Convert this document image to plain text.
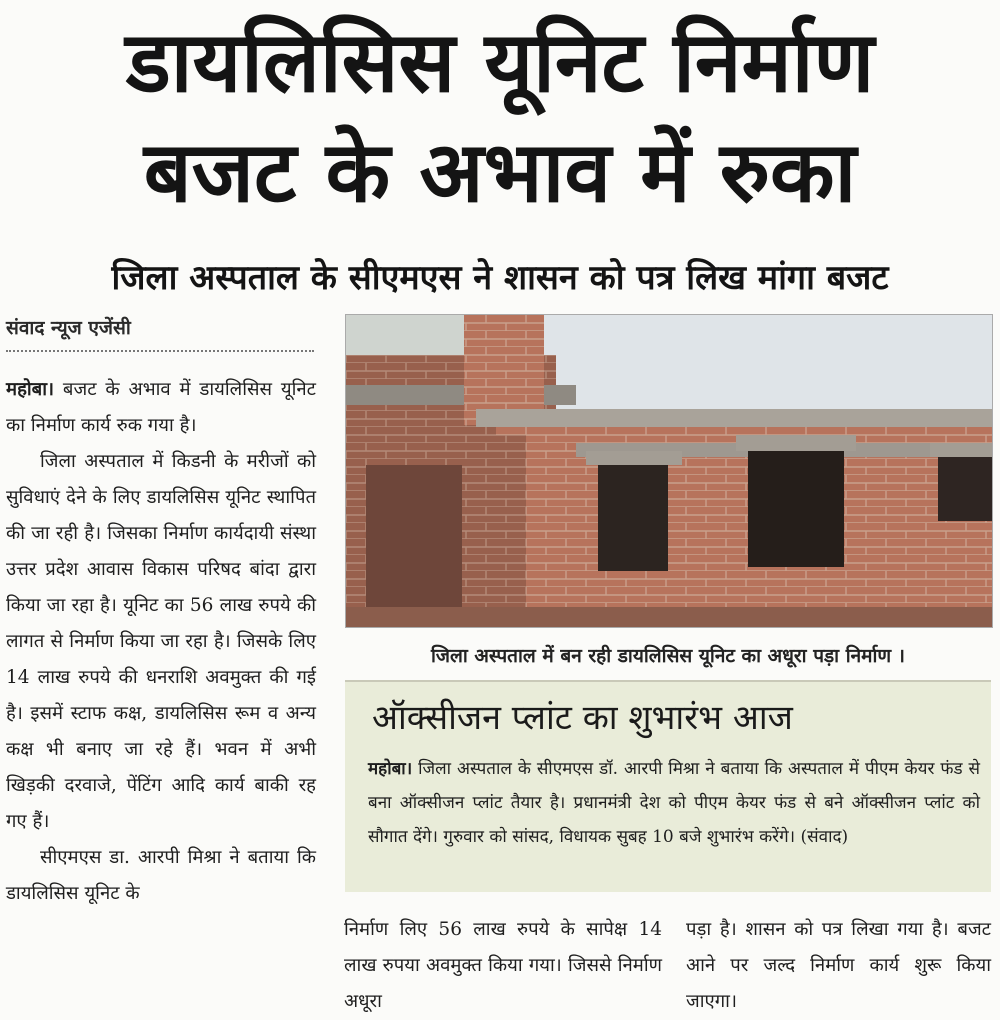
डायलिसिस यूनिट निर्माण
बजट के अभाव में रुका
जिला अस्पताल के सीएमएस ने शासन को पत्र लिख मांगा बजट
संवाद न्यूज एजेंसी

महोबा। बजट के अभाव में डायलिसिस यूनिट का निर्माण कार्य रुक गया है।

जिला अस्पताल में किडनी के मरीजों को सुविधाएं देने के लिए डायलिसिस यूनिट स्थापित की जा रही है। जिसका निर्माण कार्यदायी संस्था उत्तर प्रदेश आवास विकास परिषद बांदा द्वारा किया जा रहा है। यूनिट का 56 लाख रुपये की लागत से निर्माण किया जा रहा है। जिसके लिए 14 लाख रुपये की धनराशि अवमुक्त की गई है। इसमें स्टाफ कक्ष, डायलिसिस रूम व अन्य कक्ष भी बनाए जा रहे हैं। भवन में अभी खिड़की दरवाजे, पेंटिंग आदि कार्य बाकी रह गए हैं।

सीएमएस डा. आरपी मिश्रा ने बताया कि डायलिसिस यूनिट के

जिला अस्पताल में बन रही डायलिसिस यूनिट का अधूरा पड़ा निर्माण ।
ऑक्सीजन प्लांट का शुभारंभ आज

महोबा। जिला अस्पताल के सीएमएस डॉ. आरपी मिश्रा ने बताया कि अस्पताल में पीएम केयर फंड से बना ऑक्सीजन प्लांट तैयार है। प्रधानमंत्री देश को पीएम केयर फंड से बने ऑक्सीजन प्लांट को सौगात देंगे। गुरुवार को सांसद, विधायक सुबह 10 बजे शुभारंभ करेंगे। (संवाद)

निर्माण लिए 56 लाख रुपये के सापेक्ष 14 लाख रुपया अवमुक्त किया गया। जिससे निर्माण अधूरा

पड़ा है। शासन को पत्र लिखा गया है। बजट आने पर जल्द निर्माण कार्य शुरू किया जाएगा।
